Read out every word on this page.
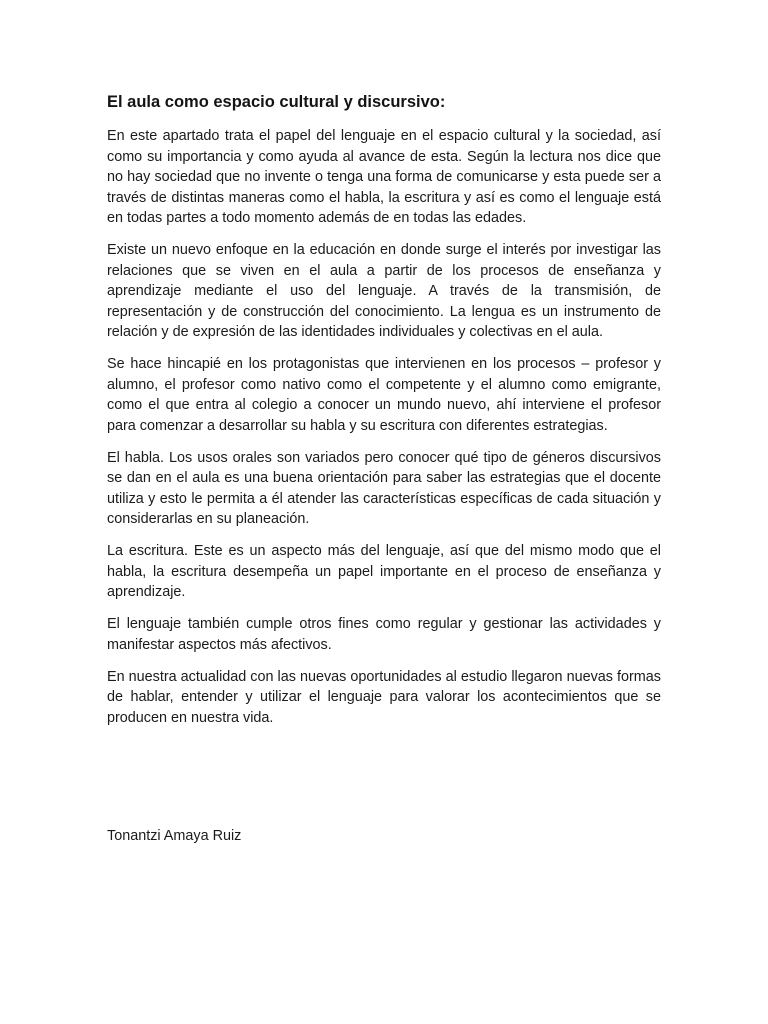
El aula como espacio cultural y discursivo:

En este apartado trata el papel del lenguaje en el espacio cultural y la sociedad, así como su importancia y como ayuda al avance de esta. Según la lectura nos dice que no hay sociedad que no invente o tenga una forma de comunicarse y esta puede ser a través de distintas maneras como el habla, la escritura y así es como el lenguaje está en todas partes a todo momento además de en todas las edades.

Existe un nuevo enfoque en la educación en donde surge el interés por investigar las relaciones que se viven en el aula a partir de los procesos de enseñanza y aprendizaje mediante el uso del lenguaje. A través de la transmisión, de representación y de construcción del conocimiento. La lengua es un instrumento de relación y de expresión de las identidades individuales y colectivas en el aula.

Se hace hincapié en los protagonistas que intervienen en los procesos – profesor y alumno, el profesor como nativo como el competente y el alumno como emigrante, como el que entra al colegio a conocer un mundo nuevo, ahí interviene el profesor para comenzar a desarrollar su habla y su escritura con diferentes estrategias.

El habla. Los usos orales son variados pero conocer qué tipo de géneros discursivos se dan en el aula es una buena orientación para saber las estrategias que el docente utiliza y esto le permita a él atender las características específicas de cada situación y considerarlas en su planeación.

La escritura. Este es un aspecto más del lenguaje, así que del mismo modo que el habla, la escritura desempeña un papel importante en el proceso de enseñanza y aprendizaje.

El lenguaje también cumple otros fines como regular y gestionar las actividades y manifestar aspectos más afectivos.

En nuestra actualidad con las nuevas oportunidades al estudio llegaron nuevas formas de hablar, entender y utilizar el lenguaje para valorar los acontecimientos que se producen en nuestra vida.

Tonantzi Amaya Ruiz
